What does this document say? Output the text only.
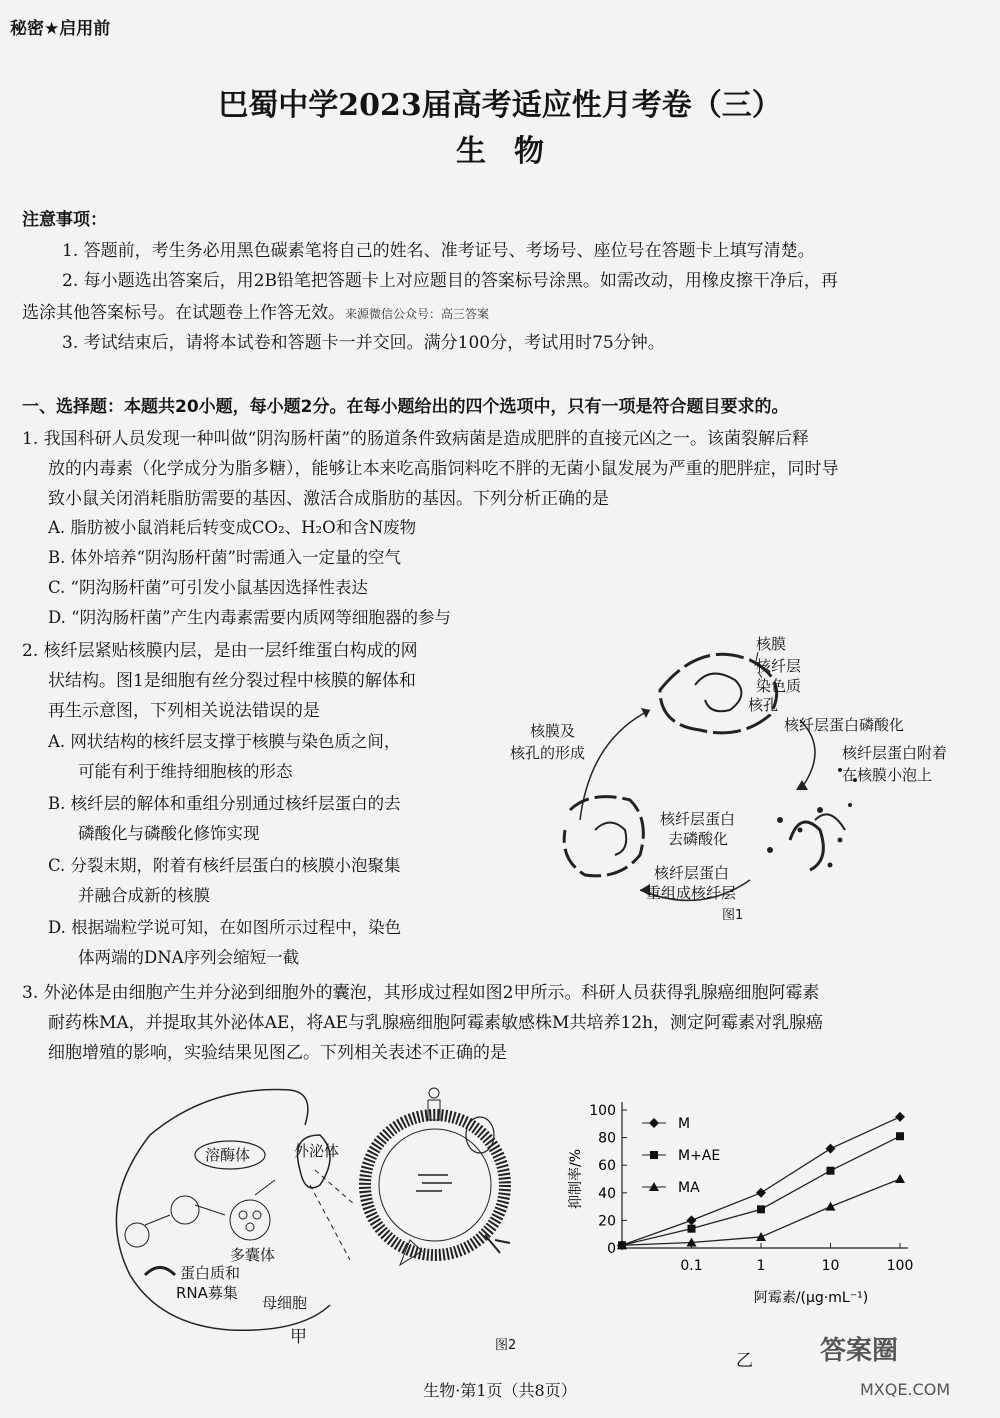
秘密★启用前
巴蜀中学2023届高考适应性月考卷（三）
生物
注意事项：
1. 答题前，考生务必用黑色碳素笔将自己的姓名、准考证号、考场号、座位号在答题卡上填写清楚。
2. 每小题选出答案后，用2B铅笔把答题卡上对应题目的答案标号涂黑。如需改动，用橡皮擦干净后，再
选涂其他答案标号。在试题卷上作答无效。来源微信公众号：高三答案
3. 考试结束后，请将本试卷和答题卡一并交回。满分100分，考试用时75分钟。
一、选择题：本题共20小题，每小题2分。在每小题给出的四个选项中，只有一项是符合题目要求的。
1. 我国科研人员发现一种叫做“阴沟肠杆菌”的肠道条件致病菌是造成肥胖的直接元凶之一。该菌裂解后释
放的内毒素（化学成分为脂多糖），能够让本来吃高脂饲料吃不胖的无菌小鼠发展为严重的肥胖症，同时导
致小鼠关闭消耗脂肪需要的基因、激活合成脂肪的基因。下列分析正确的是
A. 脂肪被小鼠消耗后转变成CO₂、H₂O和含N废物
B. 体外培养“阴沟肠杆菌”时需通入一定量的空气
C. “阴沟肠杆菌”可引发小鼠基因选择性表达
D. “阴沟肠杆菌”产生内毒素需要内质网等细胞器的参与
2. 核纤层紧贴核膜内层，是由一层纤维蛋白构成的网
状结构。图1是细胞有丝分裂过程中核膜的解体和
再生示意图，下列相关说法错误的是
A. 网状结构的核纤层支撑于核膜与染色质之间，
可能有利于维持细胞核的形态
B. 核纤层的解体和重组分别通过核纤层蛋白的去
磷酸化与磷酸化修饰实现
C. 分裂末期，附着有核纤层蛋白的核膜小泡聚集
并融合成新的核膜
D. 根据端粒学说可知，在如图所示过程中，染色
体两端的DNA序列会缩短一截
核膜
核纤层
染色质
核孔
核纤层蛋白磷酸化
核纤层蛋白附着
在核膜小泡上
核膜及
核孔的形成
核纤层蛋白
去磷酸化
核纤层蛋白
重组成核纤层
图1
3. 外泌体是由细胞产生并分泌到细胞外的囊泡，其形成过程如图2甲所示。科研人员获得乳腺癌细胞阿霉素
耐药株MA，并提取其外泌体AE，将AE与乳腺癌细胞阿霉素敏感株M共培养12h，测定阿霉素对乳腺癌
细胞增殖的影响，实验结果见图乙。下列相关表述不正确的是
溶酶体	外泌体
多囊体
蛋白质和
RNA募集
母细胞
甲	图2
乙
0
20
40
60
80
100
0.1	1	10	100
抑制率/%
阿霉素/(μg·mL⁻¹)
M
M+AE
MA
生物·第1页（共8页）
答案圈
MXQE.COM
